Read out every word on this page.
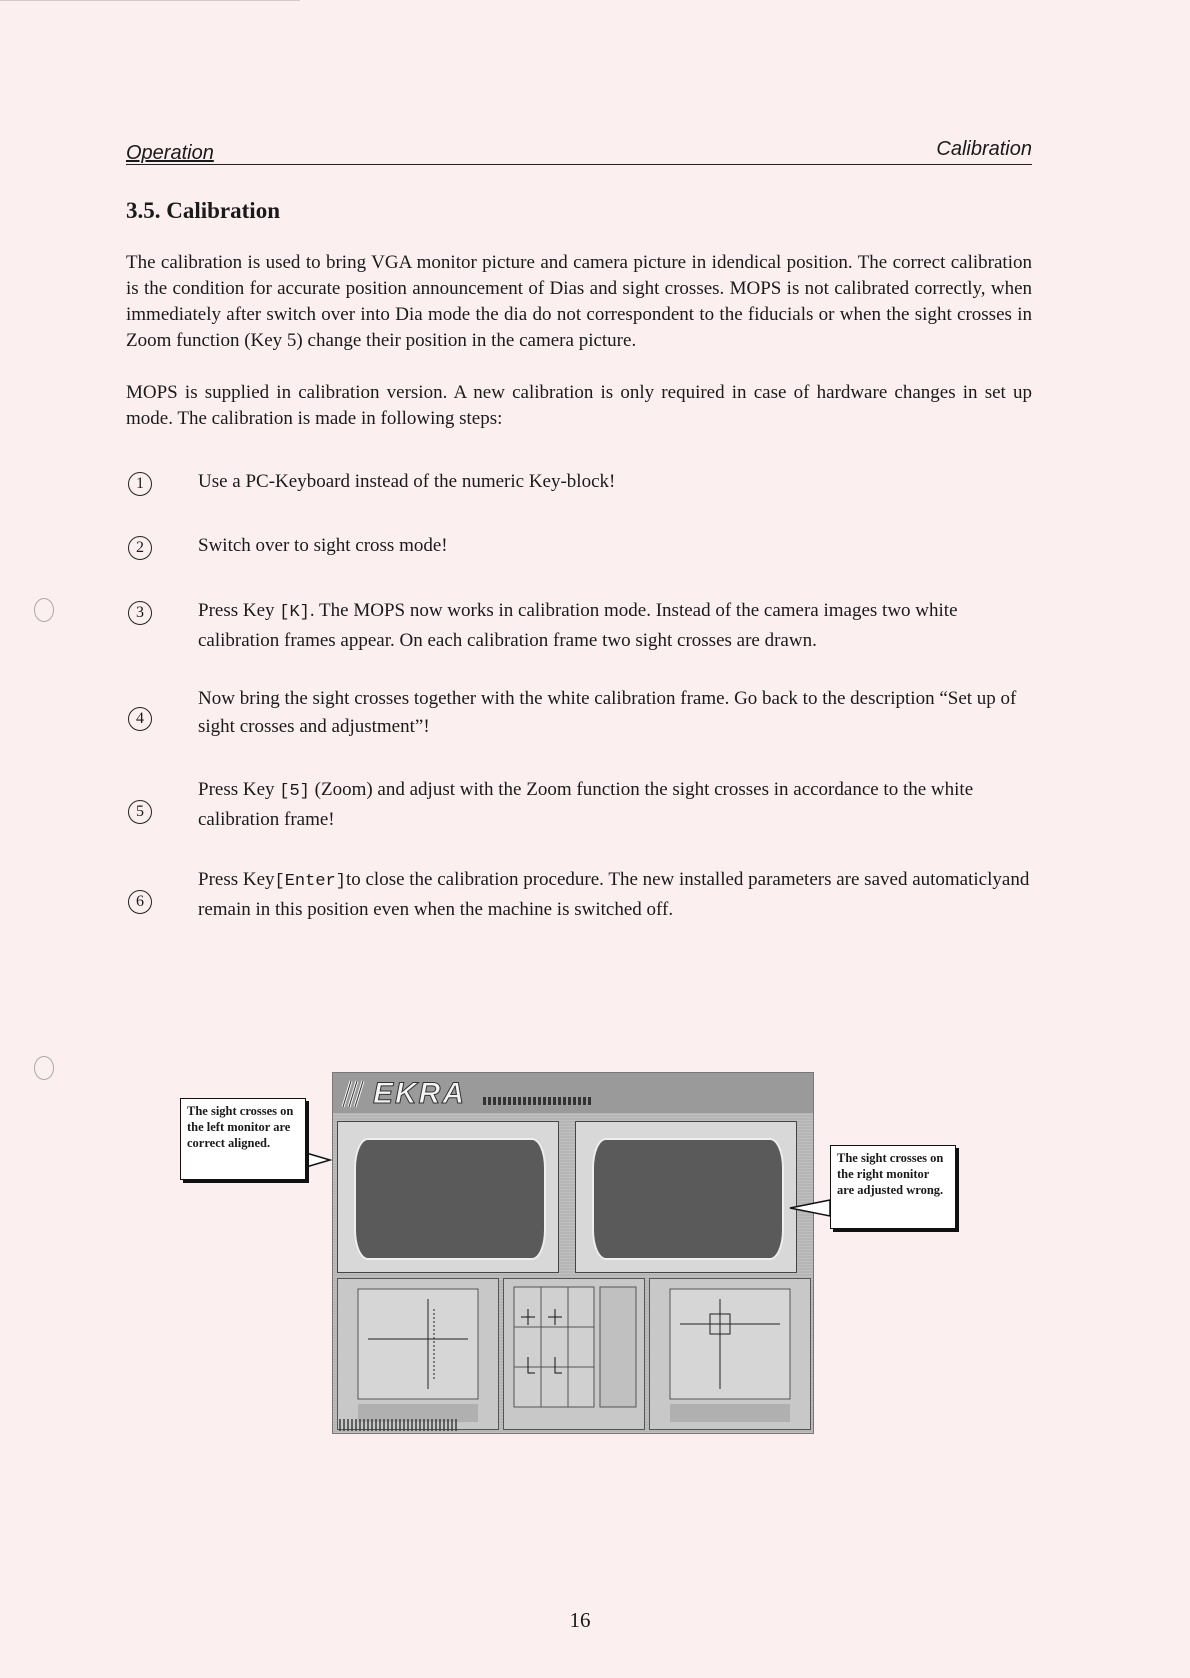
Operation	Calibration
3.5. Calibration
The calibration is used to bring VGA monitor picture and camera picture in idendical position. The correct calibration is the condition for accurate position announcement of Dias and sight crosses. MOPS is not calibrated correctly, when immediately after switch over into Dia mode the dia do not correspondent to the fiducials or when the sight crosses in Zoom function (Key 5) change their position in the camera picture.
MOPS is supplied in calibration version. A new calibration is only required in case of hardware changes in set up mode. The calibration is made in following steps:
1	Use a PC-Keyboard instead of the numeric Key-block!
2	Switch over to sight cross mode!
3	Press Key [K]. The MOPS now works in calibration mode. Instead of the camera images two white calibration frames appear. On each calibration frame two sight crosses are drawn.
4
Now bring the sight crosses together with the white calibration frame. Go back to the description “Set up of sight crosses and adjustment”!
5
Press Key [5] (Zoom) and adjust with the Zoom function the sight crosses in accordance to the white calibration frame!
6
Press Key[Enter]to close the calibration procedure. The new installed parameters are saved automaticlyand remain in this position even when the machine is switched off.
EKRA
The sight crosses on the left monitor are correct aligned.
The sight crosses on the right monitor are adjusted wrong.
16
